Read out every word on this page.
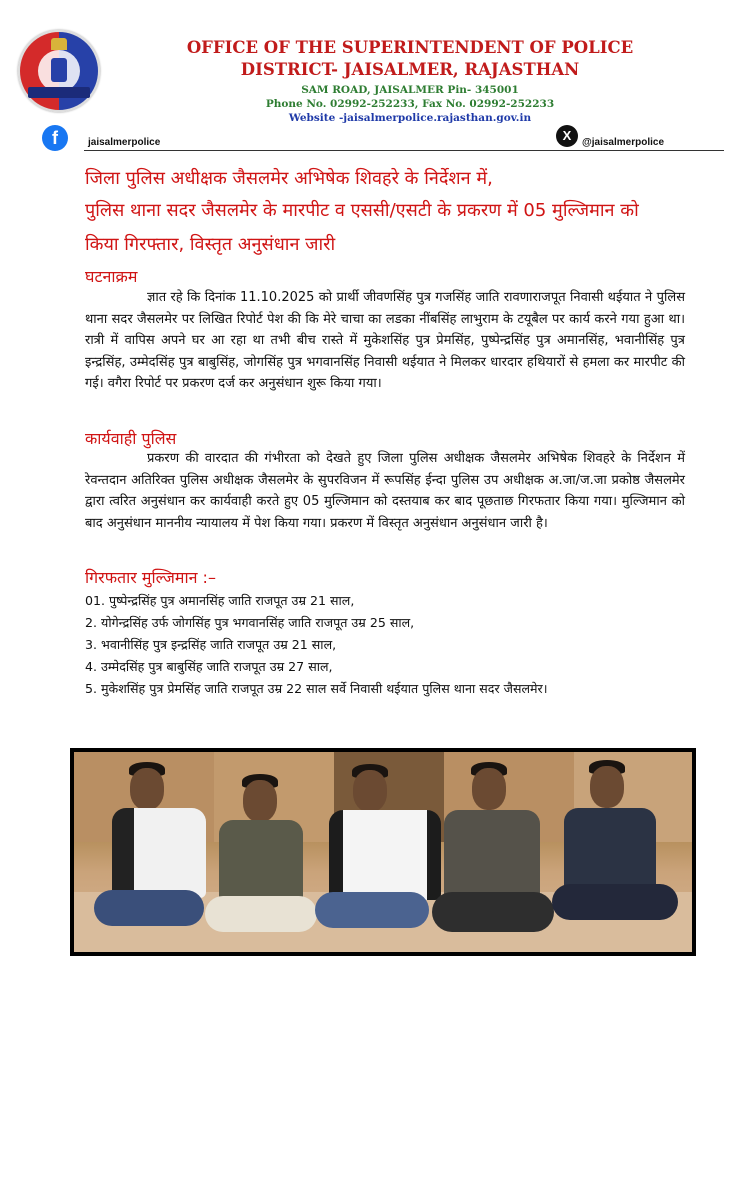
OFFICE OF THE SUPERINTENDENT OF POLICE
DISTRICT- JAISALMER, RAJASTHAN
SAM ROAD, JAISALMER Pin- 345001
Phone No. 02992-252233, Fax No. 02992-252233
Website -jaisalmerpolice.rajasthan.gov.in
f	jaisalmerpolice	X	@jaisalmerpolice
जिला पुलिस अधीक्षक जैसलमेर अभिषेक शिवहरे के निर्देशन में,
पुलिस थाना सदर जैसलमेर के मारपीट व एससी/एसटी के प्रकरण में 05 मुल्जिमान को
किया गिरफ्तार, विस्तृत अनुसंधान जारी
घटनाक्रम

ज्ञात रहे कि दिनांक 11.10.2025 को प्रार्थी जीवणसिंह पुत्र गजसिंह जाति रावणाराजपूत निवासी थईयात ने पुलिस थाना सदर जैसलमेर पर लिखित रिपोर्ट पेश की कि मेरे चाचा का लडका नींबसिंह लाभुराम के टयूबैल पर कार्य करने गया हुआ था। रात्री में वापिस अपने घर आ रहा था तभी बीच रास्ते में मुकेशसिंह पुत्र प्रेमसिंह, पुष्पेन्द्रसिंह पुत्र अमानसिंह, भवानीसिंह पुत्र इन्द्रसिंह, उम्मेदसिंह पुत्र बाबुसिंह, जोगसिंह पुत्र भगवानसिंह निवासी थईयात ने मिलकर धारदार हथियारों से हमला कर मारपीट की गई। वगैरा रिपोर्ट पर प्रकरण दर्ज कर अनुसंधान शुरू किया गया।

कार्यवाही पुलिस

प्रकरण की वारदात की गंभीरता को देखते हुए जिला पुलिस अधीक्षक जैसलमेर अभिषेक शिवहरे के निर्देशन में रेवन्तदान अतिरिक्त पुलिस अधीक्षक जैसलमेर के सुपरविजन में रूपसिंह ईन्दा पुलिस उप अधीक्षक अ.जा/ज.जा प्रकोष्ठ जैसलमेर द्वारा त्वरित अनुसंधान कर कार्यवाही करते हुए 05 मुल्जिमान को दस्तयाब कर बाद पूछताछ गिरफतार किया गया। मुल्जिमान को बाद अनुसंधान माननीय न्यायालय में पेश किया गया। प्रकरण में विस्तृत अनुसंधान अनुसंधान जारी है।

गिरफतार मुल्जिमान :–
01. पुष्पेन्द्रसिंह पुत्र अमानसिंह जाति राजपूत उम्र 21 साल,
2. योगेन्द्रसिंह उर्फ जोगसिंह पुत्र भगवानसिंह जाति राजपूत उम्र 25 साल,
3. भवानीसिंह पुत्र इन्द्रसिंह जाति राजपूत उम्र 21 साल,
4. उम्मेदसिंह पुत्र बाबुसिंह जाति राजपूत उम्र 27 साल,
5. मुकेशसिंह पुत्र प्रेमसिंह जाति राजपूत उम्र 22 साल सर्वे निवासी थईयात पुलिस थाना सदर जैसलमेर।
